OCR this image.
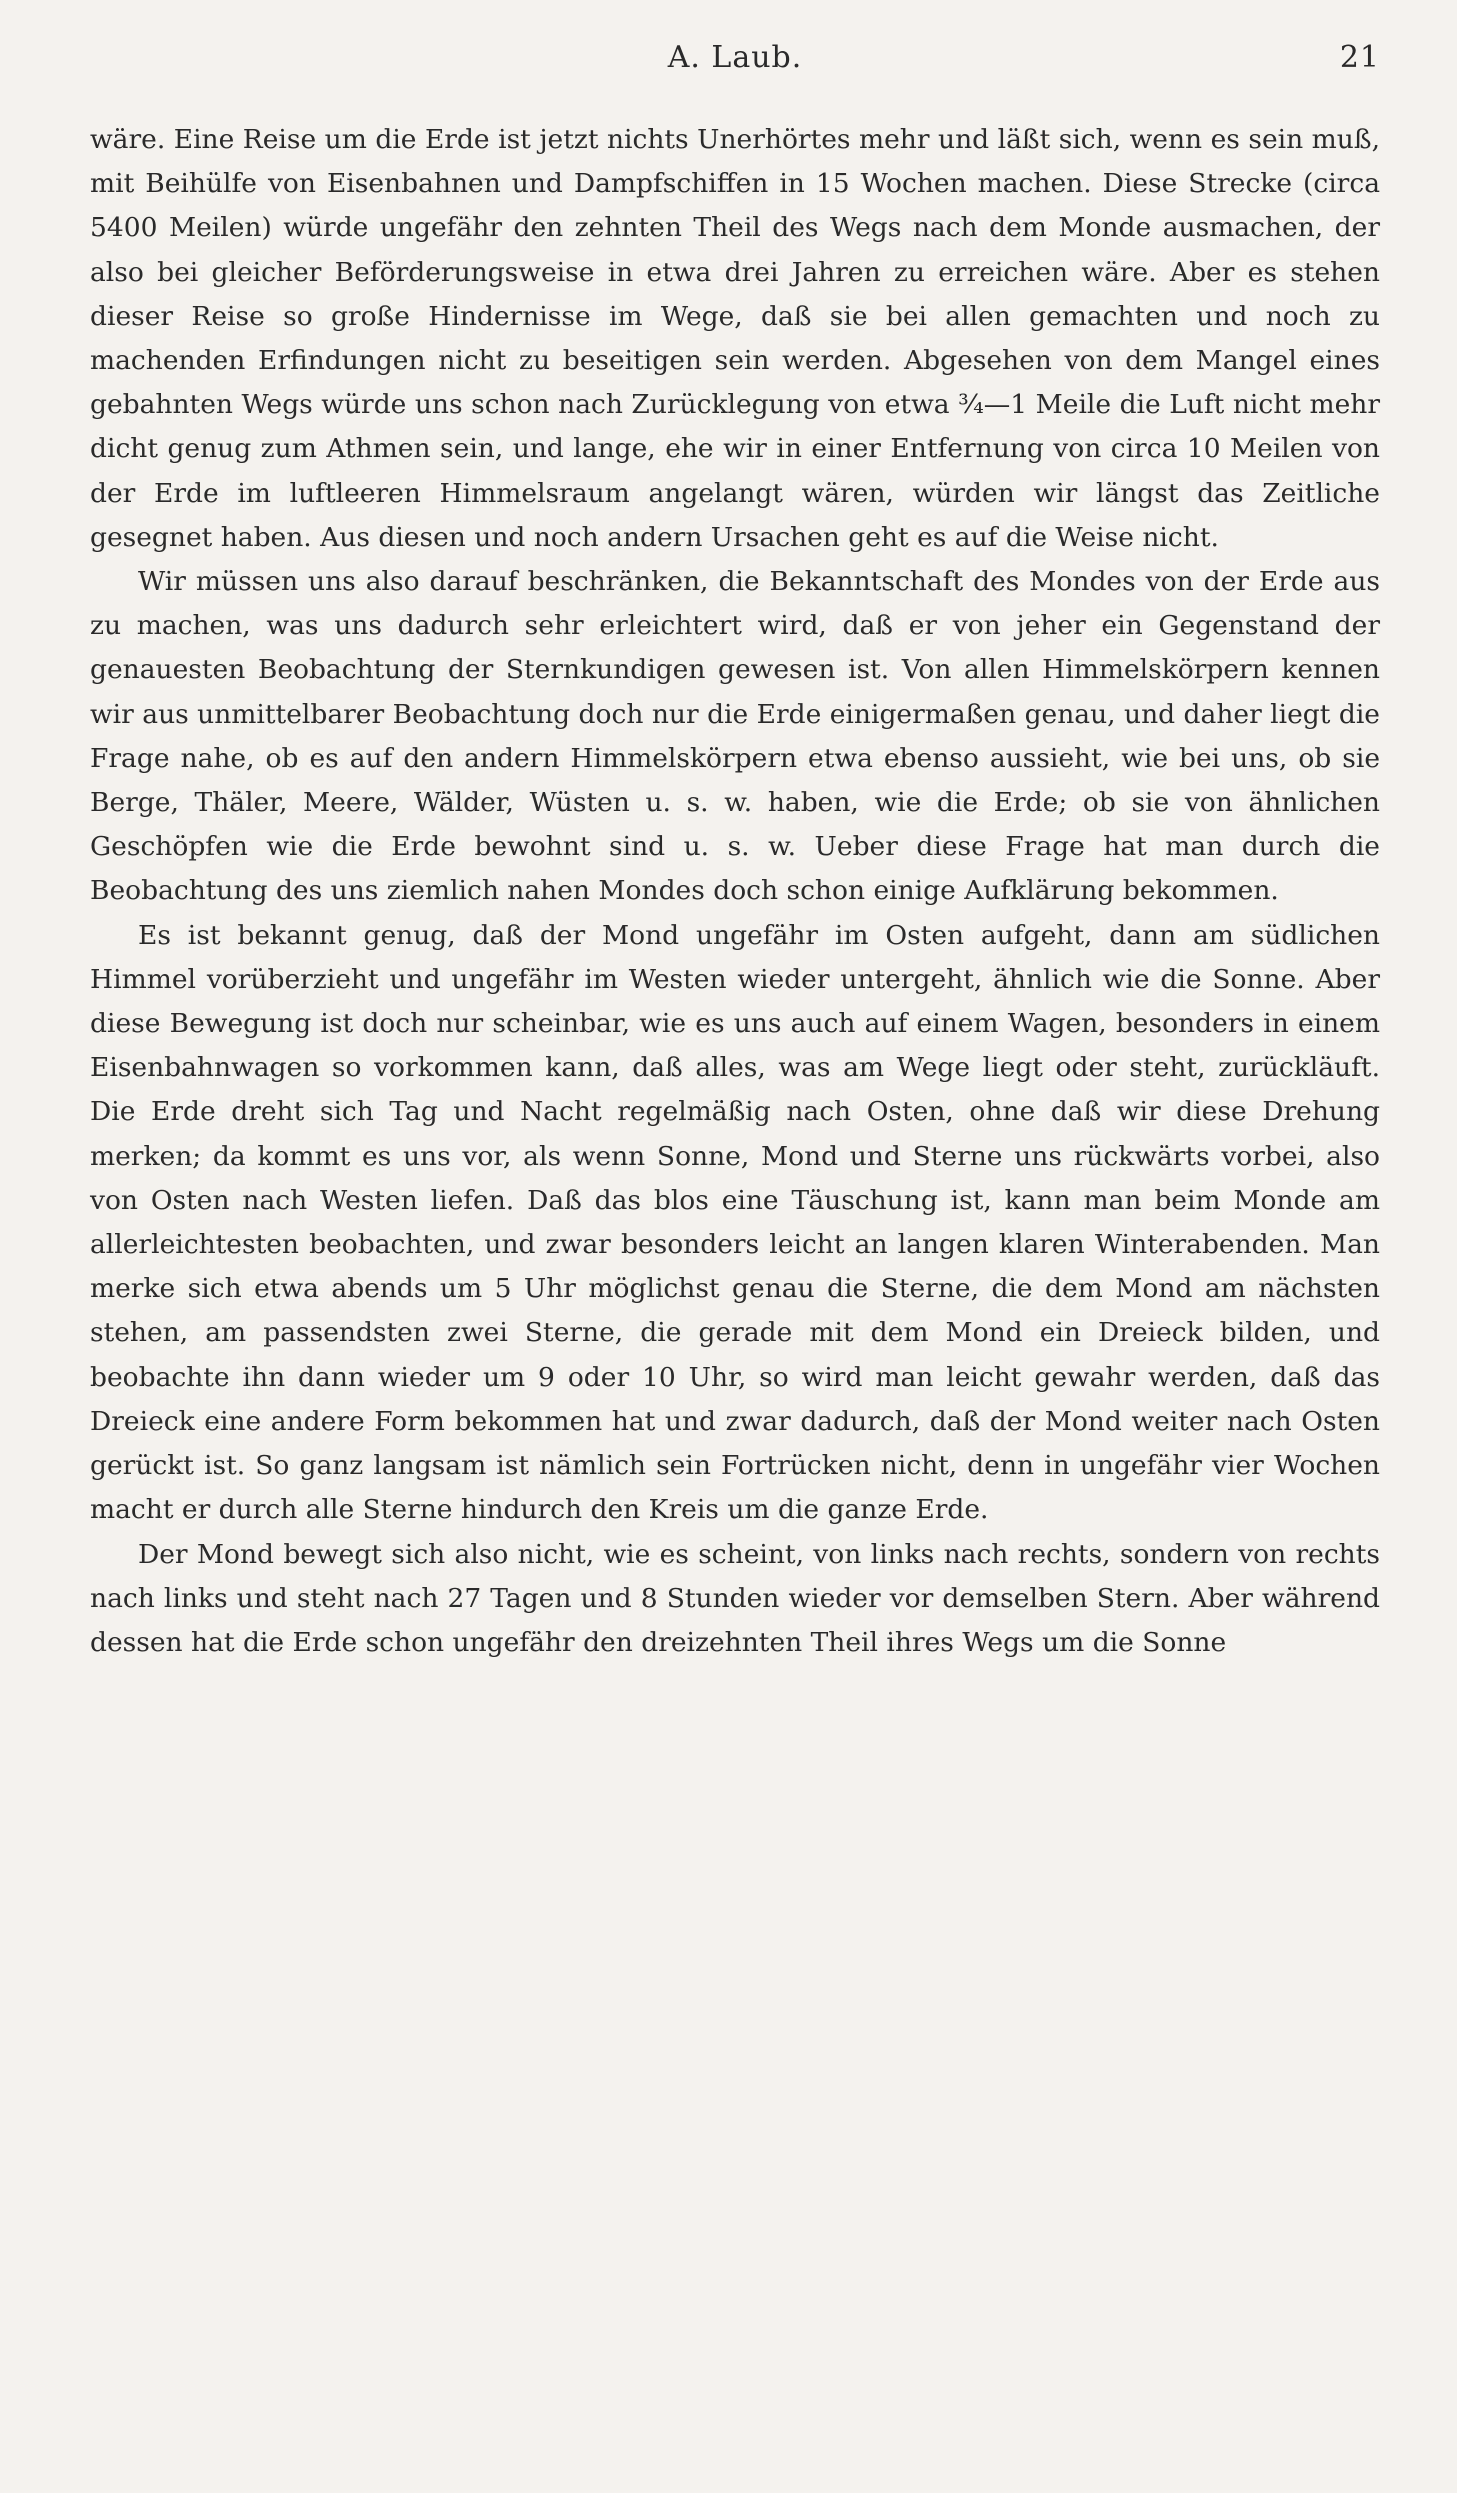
A. Laub.	21

wäre. Eine Reise um die Erde ist jetzt nichts Unerhörtes mehr und läßt sich, wenn es sein muß, mit Beihülfe von Eisenbahnen und Dampfschiffen in 15 Wochen machen. Diese Strecke (circa 5400 Meilen) würde ungefähr den zehnten Theil des Wegs nach dem Monde ausmachen, der also bei gleicher Beförderungsweise in etwa drei Jahren zu erreichen wäre. Aber es stehen dieser Reise so große Hindernisse im Wege, daß sie bei allen gemachten und noch zu machenden Erfindungen nicht zu beseitigen sein werden. Abgesehen von dem Mangel eines gebahnten Wegs würde uns schon nach Zurücklegung von etwa ¾—1 Meile die Luft nicht mehr dicht genug zum Athmen sein, und lange, ehe wir in einer Entfernung von circa 10 Meilen von der Erde im luftleeren Himmelsraum angelangt wären, würden wir längst das Zeitliche gesegnet haben. Aus diesen und noch andern Ursachen geht es auf die Weise nicht.

Wir müssen uns also darauf beschränken, die Bekanntschaft des Mondes von der Erde aus zu machen, was uns dadurch sehr erleichtert wird, daß er von jeher ein Gegenstand der genauesten Beobachtung der Sternkundigen gewesen ist. Von allen Himmelskörpern kennen wir aus unmittelbarer Beobachtung doch nur die Erde einigermaßen genau, und daher liegt die Frage nahe, ob es auf den andern Himmelskörpern etwa ebenso aussieht, wie bei uns, ob sie Berge, Thäler, Meere, Wälder, Wüsten u. s. w. haben, wie die Erde; ob sie von ähnlichen Geschöpfen wie die Erde bewohnt sind u. s. w. Ueber diese Frage hat man durch die Beobachtung des uns ziemlich nahen Mondes doch schon einige Aufklärung bekommen.

Es ist bekannt genug, daß der Mond ungefähr im Osten aufgeht, dann am südlichen Himmel vorüberzieht und ungefähr im Westen wieder untergeht, ähnlich wie die Sonne. Aber diese Bewegung ist doch nur scheinbar, wie es uns auch auf einem Wagen, besonders in einem Eisenbahnwagen so vorkommen kann, daß alles, was am Wege liegt oder steht, zurückläuft. Die Erde dreht sich Tag und Nacht regelmäßig nach Osten, ohne daß wir diese Drehung merken; da kommt es uns vor, als wenn Sonne, Mond und Sterne uns rückwärts vorbei, also von Osten nach Westen liefen. Daß das blos eine Täuschung ist, kann man beim Monde am allerleichtesten beobachten, und zwar besonders leicht an langen klaren Winterabenden. Man merke sich etwa abends um 5 Uhr möglichst genau die Sterne, die dem Mond am nächsten stehen, am passendsten zwei Sterne, die gerade mit dem Mond ein Dreieck bilden, und beobachte ihn dann wieder um 9 oder 10 Uhr, so wird man leicht gewahr werden, daß das Dreieck eine andere Form bekommen hat und zwar dadurch, daß der Mond weiter nach Osten gerückt ist. So ganz langsam ist nämlich sein Fortrücken nicht, denn in ungefähr vier Wochen macht er durch alle Sterne hindurch den Kreis um die ganze Erde.

Der Mond bewegt sich also nicht, wie es scheint, von links nach rechts, sondern von rechts nach links und steht nach 27 Tagen und 8 Stunden wieder vor demselben Stern. Aber während dessen hat die Erde schon ungefähr den dreizehnten Theil ihres Wegs um die Sonne
